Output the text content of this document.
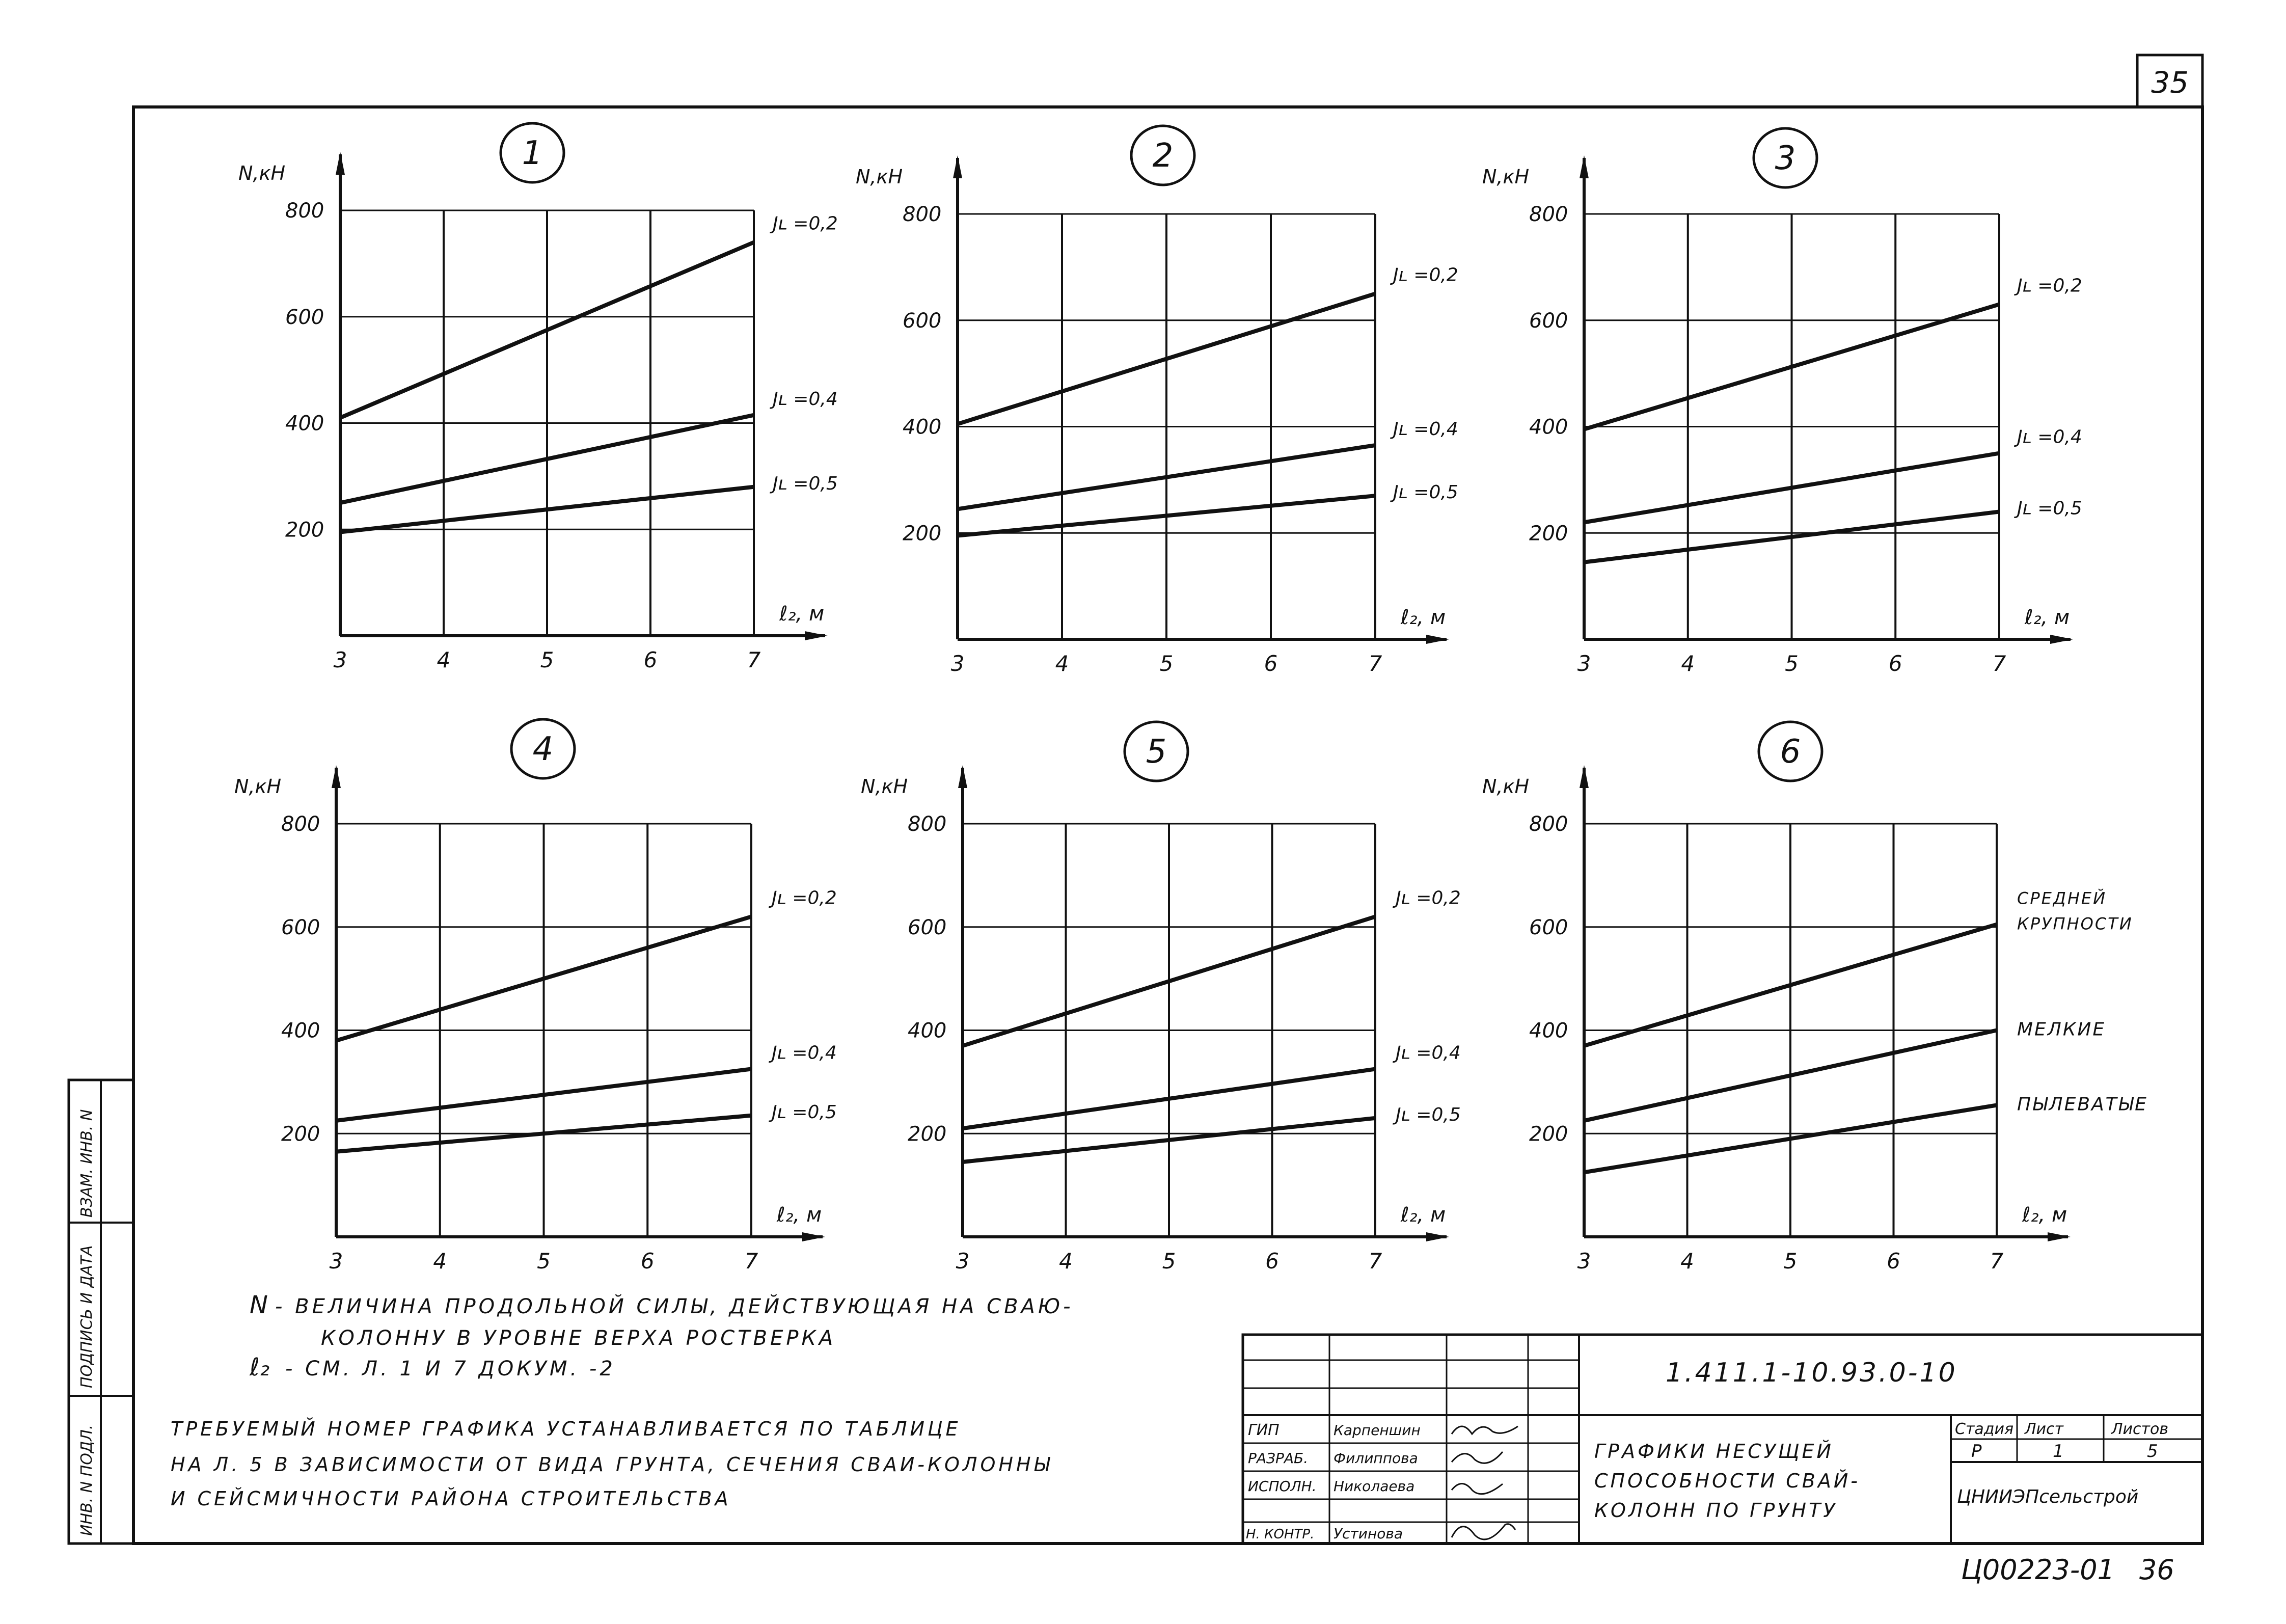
35
ИНВ. N ПОДЛ.
ПОДПИСЬ И ДАТА
ВЗАМ. ИНВ. N
1
200
400
600
800
3	4	5	6	7
N,кН
ℓ₂, м
Jʟ =0,2
Jʟ =0,4
Jʟ =0,5
2
200
400
600
800
3	4	5	6	7
N,кН
ℓ₂, м
Jʟ =0,2
Jʟ =0,4
Jʟ =0,5
3
200
400
600
800
3	4	5	6	7
N,кН
ℓ₂, м
Jʟ =0,2
Jʟ =0,4
Jʟ =0,5
4
200
400
600
800
3	4	5	6	7
N,кН
ℓ₂, м
Jʟ =0,2
Jʟ =0,4
Jʟ =0,5
5
200
400
600
800
3	4	5	6	7
N,кН
ℓ₂, м
Jʟ =0,2
Jʟ =0,4
Jʟ =0,5
6
200
400
600
800
3	4	5	6	7
N,кН
ℓ₂, м
СРЕДНЕЙ
КРУПНОСТИ
МЕЛКИЕ
ПЫЛЕВАТЫЕ
N - ВЕЛИЧИНА ПРОДОЛЬНОЙ СИЛЫ, ДЕЙСТВУЮЩАЯ НА СВАЮ-
КОЛОННУ В УРОВНЕ ВЕРХА РОСТВЕРКА
ℓ₂ - СМ. Л. 1 И 7 ДОКУМ. -2
ТРЕБУЕМЫЙ НОМЕР ГРАФИКА УСТАНАВЛИВАЕТСЯ ПО ТАБЛИЦЕ
НА Л. 5 В ЗАВИСИМОСТИ ОТ ВИДА ГРУНТА, СЕЧЕНИЯ СВАИ-КОЛОННЫ
И СЕЙСМИЧНОСТИ РАЙОНА СТРОИТЕЛЬСТВА
1.411.1-10.93.0-10
ГРАФИКИ НЕСУЩЕЙ
СПОСОБНОСТИ СВАЙ-
КОЛОНН ПО ГРУНТУ
Стадия Лист	Листов
Р	1	5
ЦНИИЭПсельстрой
ГИП	Карпеншин
РАЗРАБ. Филиппова
ИСПОЛН. Николаева
Н. КОНТР. Устинова
Ц00223-01 36
